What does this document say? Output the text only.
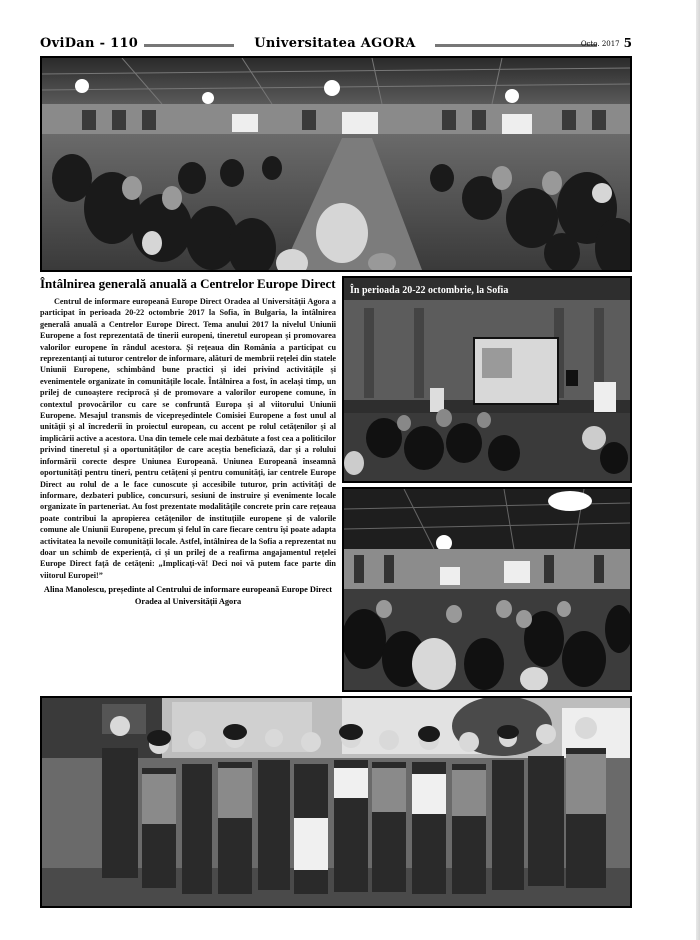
OviDan - 110	Universitatea AGORA	Octo. 2017 5
Întâlnirea generală anuală a Centrelor Europe Direct

Centrul de informare europeană Europe Direct Oradea al Universității Agora a participat în perioada 20-22 octombrie 2017 la Sofia, în Bulgaria, la întâlnirea generală anuală a Centrelor Europe Direct. Tema anului 2017 la nivelul Uniunii Europene a fost reprezentată de tinerii europeni, tineretul european și promovarea valorilor europene în rândul acestora. Și rețeaua din România a participat cu reprezentanți ai tuturor centrelor de informare, alături de membrii rețelei din statele Uniunii Europene, schimbând bune practici și idei privind activitățile și evenimentele organizate în comunitățile locale. Întâlnirea a fost, în același timp, un prilej de cunoaștere reciprocă și de promovare a valorilor europene comune, în contextul provocărilor cu care se confruntă Europa și al viitorului Uniunii Europene. Mesajul transmis de vicepreședintele Comisiei Europene a fost unul al unității și al încrederii în proiectul european, cu accent pe rolul cetățenilor și al implicării active a acestora. Una din temele cele mai dezbătute a fost cea a politicilor privind tineretul și a oportunităților de care aceștia beneficiază, dar și a rolului informării corecte despre Uniunea Europeană. Uniunea Europeană înseamnă oportunități pentru tineri, pentru cetățeni și pentru comunități, iar centrele Europe Direct au rolul de a le face cunoscute și accesibile tuturor, prin activități de informare, dezbateri publice, concursuri, sesiuni de instruire și evenimente locale organizate în parteneriat. Au fost prezentate modalitățile concrete prin care rețeaua poate contribui la apropierea cetățenilor de instituțiile europene și de valorile comune ale Uniunii Europene, precum și felul în care fiecare centru își poate adapta activitatea la nevoile comunității locale. Astfel, întâlnirea de la Sofia a reprezentat nu doar un schimb de experiență, ci și un prilej de a reafirma angajamentul rețelei Europe Direct față de cetățeni: „Implicați-vă! Deci noi vă putem face parte din viitorul Europei!”

Alina Manolescu, președinte al Centrului de informare europeană Europe Direct Oradea al Universității Agora

În perioada 20-22 octombrie, la Sofia
